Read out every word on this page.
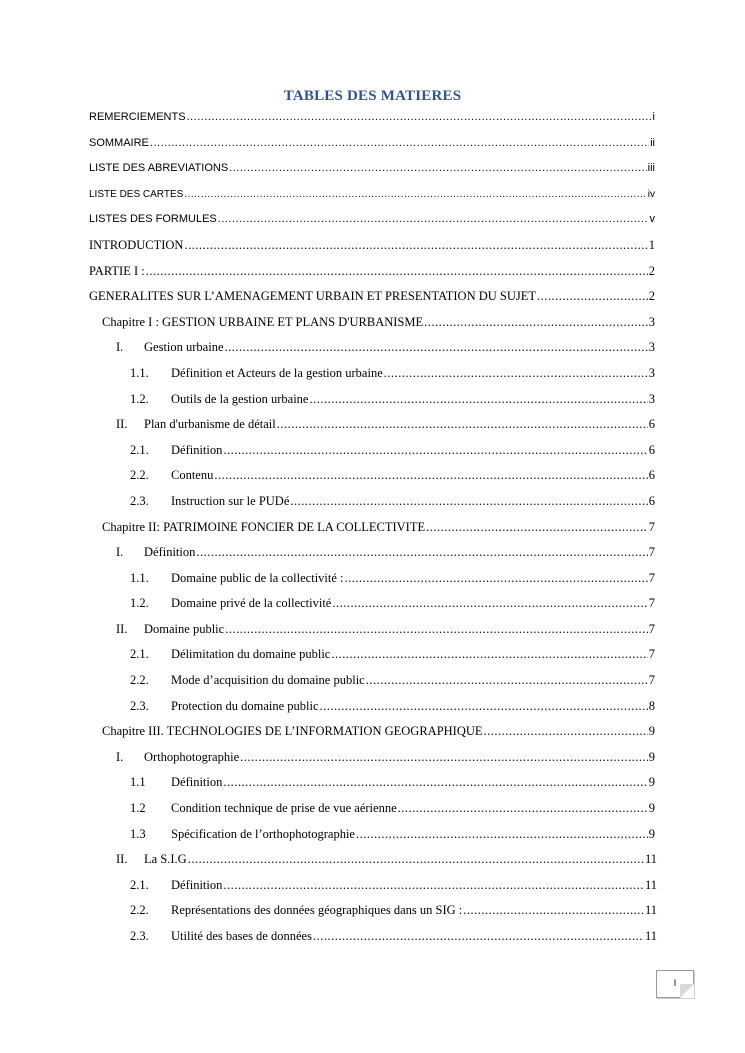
TABLES DES MATIERES
REMERCIEMENTS .....	i
SOMMAIRE .....	ii
LISTE DES ABREVIATIONS .....	iii
LISTE DES CARTES .....	iv
LISTES DES FORMULES .....	v
INTRODUCTION .....	1
PARTIE I : .....	2
GENERALITES SUR L’AMENAGEMENT URBAIN ET PRESENTATION DU SUJET .....	2
Chapitre I : GESTION URBAINE ET PLANS D'URBANISME .....	3
I.	Gestion urbaine .....	3
1.1.	Définition et Acteurs de la gestion urbaine .....	3
1.2.	Outils de la gestion urbaine .....	3
II.	Plan d'urbanisme de détail .....	6
2.1.	Définition .....	6
2.2.	Contenu .....	6
2.3.	Instruction sur le PUDé .....	6
Chapitre II: PATRIMOINE FONCIER DE LA COLLECTIVITE .....	7
I.	Définition .....	7
1.1.	Domaine public de la collectivité : .....	7
1.2.	Domaine privé de la collectivité .....	7
II.	Domaine public .....	7
2.1.	Délimitation du domaine public .....	7
2.2.	Mode d’acquisition du domaine public .....	7
2.3.	Protection du domaine public .....	8
Chapitre III. TECHNOLOGIES DE L’INFORMATION GEOGRAPHIQUE .....	9
I.	Orthophotographie .....	9
1.1	Définition .....	9
1.2	Condition technique de prise de vue aérienne .....	9
1.3	Spécification de l’orthophotographie .....	9
II.	La S.I.G .....	11
2.1.	Définition .....	11
2.2.	Représentations des données géographiques dans un SIG : .....	11
2.3.	Utilité des bases de données .....	11
I
